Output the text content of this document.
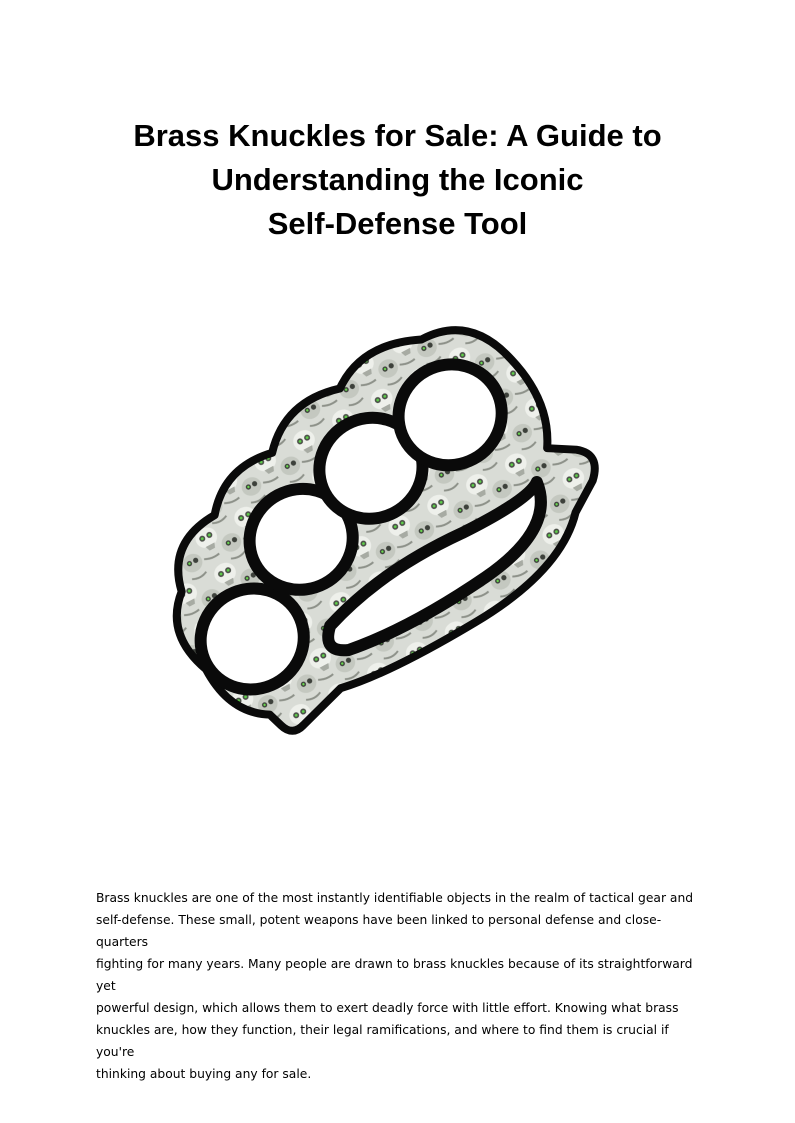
Brass Knuckles for Sale: A Guide to
Understanding the Iconic
Self-Defense Tool
Brass knuckles are one of the most instantly identifiable objects in the realm of tactical gear and
self-defense. These small, potent weapons have been linked to personal defense and close-quarters
fighting for many years. Many people are drawn to brass knuckles because of its straightforward yet
powerful design, which allows them to exert deadly force with little effort. Knowing what brass
knuckles are, how they function, their legal ramifications, and where to find them is crucial if you're
thinking about buying any for sale.
